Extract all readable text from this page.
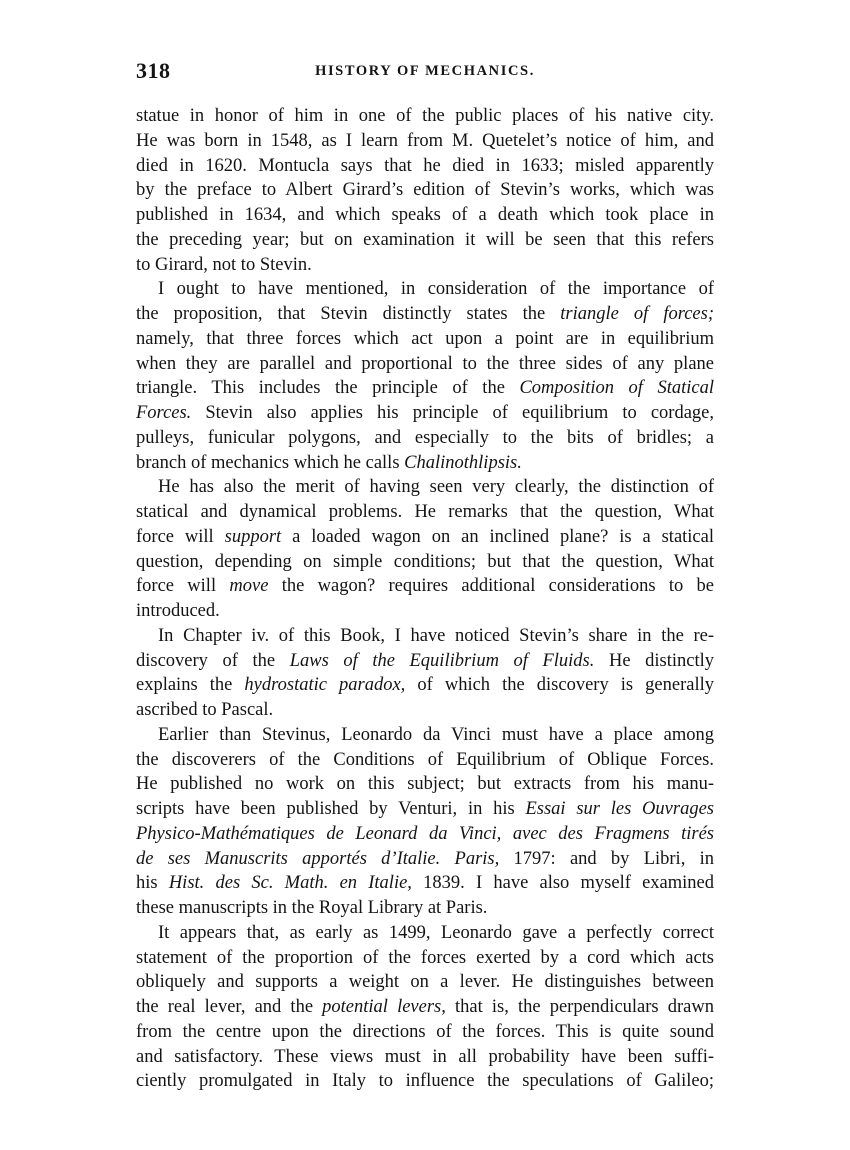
318	HISTORY OF MECHANICS.
statue in honor of him in one of the public places of his native city.
He was born in 1548, as I learn from M. Quetelet’s notice of him, and
died in 1620. Montucla says that he died in 1633; misled apparently
by the preface to Albert Girard’s edition of Stevin’s works, which was
published in 1634, and which speaks of a death which took place in
the preceding year; but on examination it will be seen that this refers
to Girard, not to Stevin.
I ought to have mentioned, in consideration of the importance of
the proposition, that Stevin distinctly states the triangle of forces;
namely, that three forces which act upon a point are in equilibrium
when they are parallel and proportional to the three sides of any plane
triangle. This includes the principle of the Composition of Statical
Forces. Stevin also applies his principle of equilibrium to cordage,
pulleys, funicular polygons, and especially to the bits of bridles; a
branch of mechanics which he calls Chalinothlipsis.
He has also the merit of having seen very clearly, the distinction of
statical and dynamical problems. He remarks that the question, What
force will support a loaded wagon on an inclined plane? is a statical
question, depending on simple conditions; but that the question, What
force will move the wagon? requires additional considerations to be
introduced.
In Chapter iv. of this Book, I have noticed Stevin’s share in the re-
discovery of the Laws of the Equilibrium of Fluids. He distinctly
explains the hydrostatic paradox, of which the discovery is generally
ascribed to Pascal.
Earlier than Stevinus, Leonardo da Vinci must have a place among
the discoverers of the Conditions of Equilibrium of Oblique Forces.
He published no work on this subject; but extracts from his manu-
scripts have been published by Venturi, in his Essai sur les Ouvrages
Physico-Mathématiques de Leonard da Vinci, avec des Fragmens tirés
de ses Manuscrits apportés d’Italie. Paris, 1797: and by Libri, in
his Hist. des Sc. Math. en Italie, 1839. I have also myself examined
these manuscripts in the Royal Library at Paris.
It appears that, as early as 1499, Leonardo gave a perfectly correct
statement of the proportion of the forces exerted by a cord which acts
obliquely and supports a weight on a lever. He distinguishes between
the real lever, and the potential levers, that is, the perpendiculars drawn
from the centre upon the directions of the forces. This is quite sound
and satisfactory. These views must in all probability have been suffi-
ciently promulgated in Italy to influence the speculations of Galileo;
